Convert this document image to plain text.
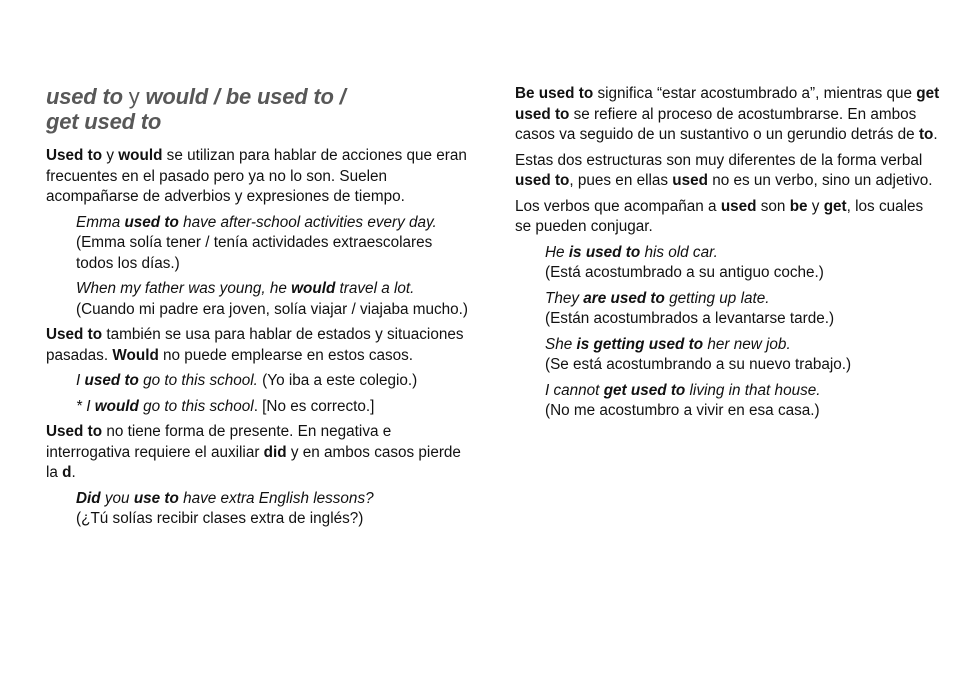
used to y would / be used to /
get used to

Used to y would se utilizan para hablar de acciones que eran frecuentes en el pasado pero ya no lo son. Suelen acompañarse de adverbios y expresiones de tiempo.

Emma used to have after-school activities every day.
(Emma solía tener / tenía actividades extraescolares todos los días.)
When my father was young, he would travel a lot.
(Cuando mi padre era joven, solía viajar / viajaba mucho.)

Used to también se usa para hablar de estados y situaciones pasadas. Would no puede emplearse en estos casos.

I used to go to this school. (Yo iba a este colegio.)
* I would go to this school. [No es correcto.]

Used to no tiene forma de presente. En negativa e interrogativa requiere el auxiliar did y en ambos casos pierde la d.

Did you use to have extra English lessons?
(¿Tú solías recibir clases extra de inglés?)

Be used to significa “estar acostumbrado a”, mientras que get used to se refiere al proceso de acostumbrarse. En ambos casos va seguido de un sustantivo o un gerundio detrás de to.

Estas dos estructuras son muy diferentes de la forma verbal used to, pues en ellas used no es un verbo, sino un adjetivo.

Los verbos que acompañan a used son be y get, los cuales se pueden conjugar.

He is used to his old car.
(Está acostumbrado a su antiguo coche.)
They are used to getting up late.
(Están acostumbrados a levantarse tarde.)
She is getting used to her new job.
(Se está acostumbrando a su nuevo trabajo.)
I cannot get used to living in that house.
(No me acostumbro a vivir en esa casa.)
